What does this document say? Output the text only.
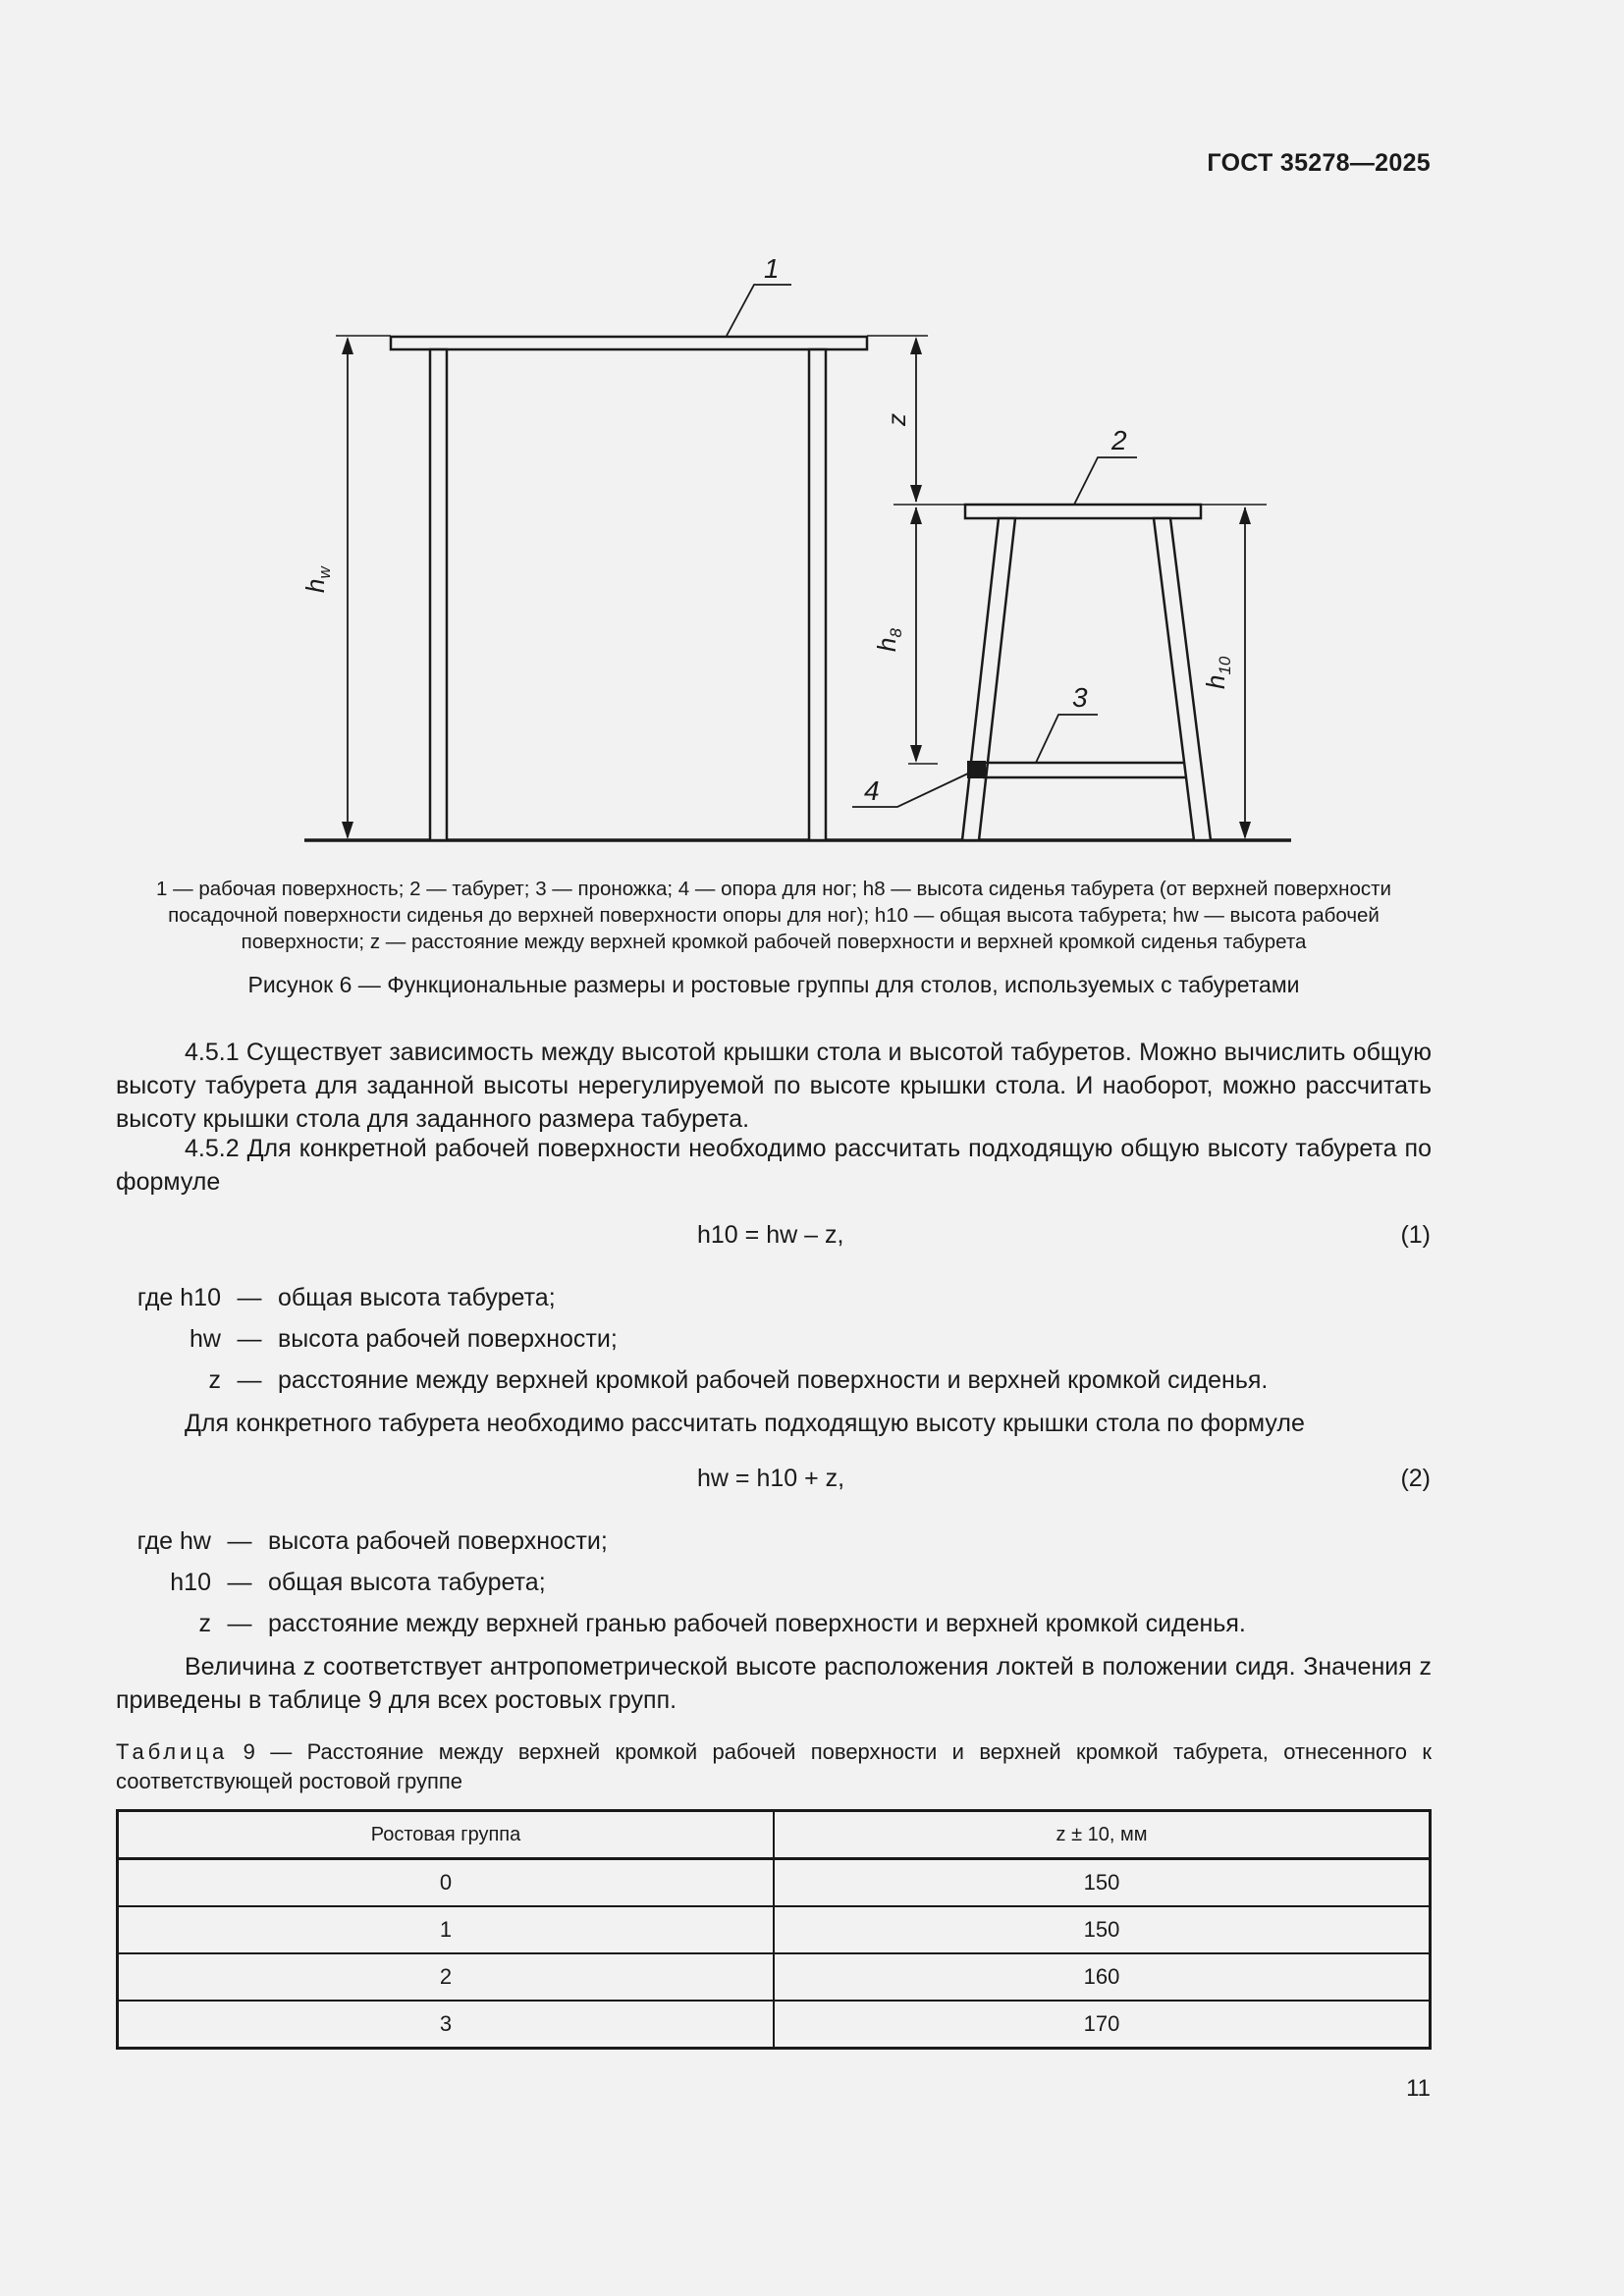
ГОСТ 35278—2025
1
2
3
4
$h_w$
z
$h_8$
$h_{10}$
1 — рабочая поверхность; 2 — табурет; 3 — проножка; 4 — опора для ног; h8 — высота сиденья табурета (от верхней поверхности
посадочной поверхности сиденья до верхней поверхности опоры для ног); h10 — общая высота табурета; hw — высота рабочей
поверхности; z — расстояние между верхней кромкой рабочей поверхности и верхней кромкой сиденья табурета
Рисунок 6 — Функциональные размеры и ростовые группы для столов, используемых с табуретами
4.5.1 Существует зависимость между высотой крышки стола и высотой табуретов. Можно вычислить общую высоту табурета для заданной высоты нерегулируемой по высоте крышки стола. И наоборот, можно рассчитать высоту крышки стола для заданного размера табурета.
4.5.2 Для конкретной рабочей поверхности необходимо рассчитать подходящую общую высоту табурета по формуле
h10 = hw – z,	(1)
где h10 — общая высота табурета;
hw — высота рабочей поверхности;
z — расстояние между верхней кромкой рабочей поверхности и верхней кромкой сиденья.
Для конкретного табурета необходимо рассчитать подходящую высоту крышки стола по формуле
hw = h10 + z,	(2)
где hw — высота рабочей поверхности;
h10 — общая высота табурета;
z — расстояние между верхней гранью рабочей поверхности и верхней кромкой сиденья.
Величина z соответствует антропометрической высоте расположения локтей в положении сидя. Значения z приведены в таблице 9 для всех ростовых групп.
Таблица 9 — Расстояние между верхней кромкой рабочей поверхности и верхней кромкой табурета, отнесенного к соответствующей ростовой группе
Ростовая группа	z ± 10, мм
0	150
1	150
2	160
3	170
11
